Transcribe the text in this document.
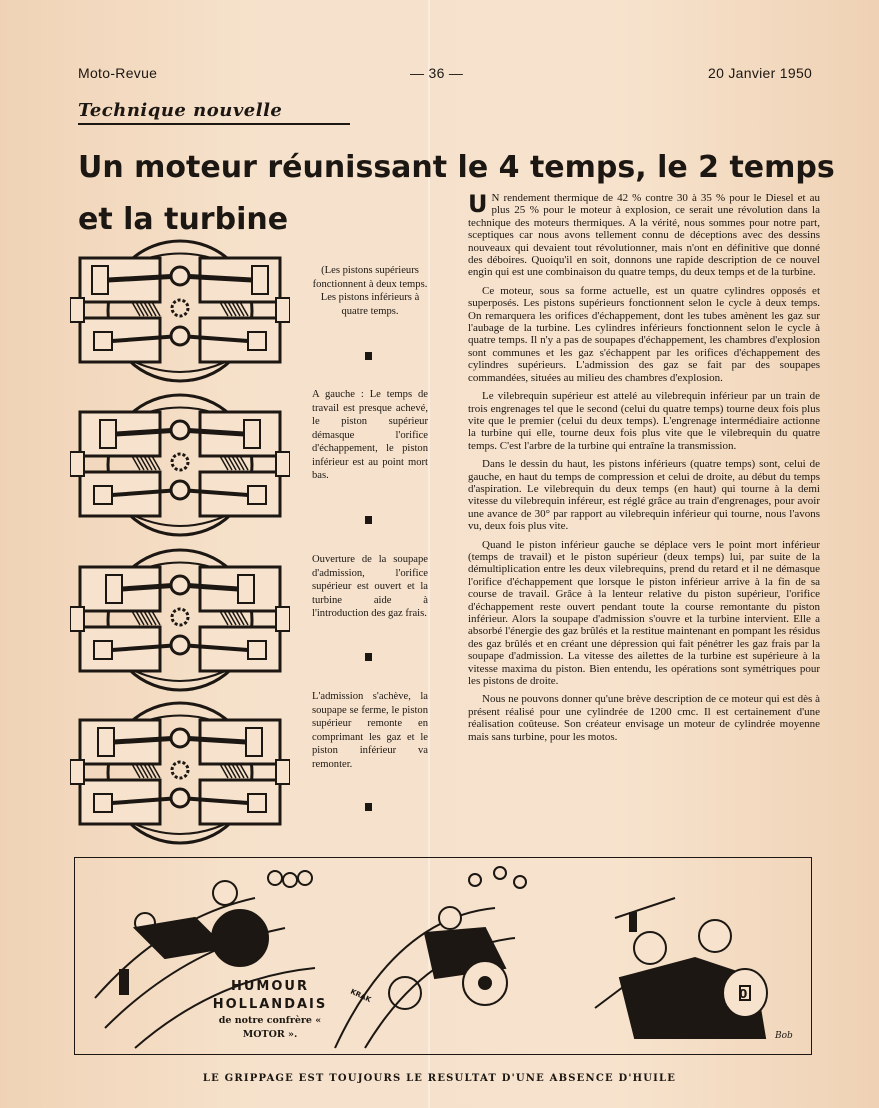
Moto-Revue	— 36 —	20 Janvier 1950
Technique nouvelle
Un moteur réunissant le 4 temps, le 2 temps et la turbine
(Les pistons supérieurs fonctionnent à deux temps. Les pistons inférieurs à quatre temps.
A gauche : Le temps de travail est presque achevé, le piston supérieur démasque l'orifice d'échappement, le piston inférieur est au point mort bas.
Ouverture de la soupape d'admission, l'orifice supérieur est ouvert et la turbine aide à l'introduction des gaz frais.
L'admission s'achève, la soupape se ferme, le piston supérieur remonte en comprimant les gaz et le piston inférieur va remonter.

U N rendement thermique de 42 % contre 30 à 35 % pour le Diesel et au plus 25 % pour le moteur à explosion, ce serait une révolution dans la technique des moteurs thermiques. A la vérité, nous sommes pour notre part, sceptiques car nous avons tellement connu de déceptions avec des dessins nouveaux qui devaient tout révolutionner, mais n'ont en définitive que donné des déboires. Quoiqu'il en soit, donnons une rapide description de ce nouvel engin qui est une combinaison du quatre temps, du deux temps et de la turbine.

Ce moteur, sous sa forme actuelle, est un quatre cylindres opposés et superposés. Les pistons supérieurs fonctionnent selon le cycle à deux temps. On remarquera les orifices d'échappement, dont les tubes amènent les gaz sur l'aubage de la turbine. Les cylindres inférieurs fonctionnent selon le cycle à quatre temps. Il n'y a pas de soupapes d'échappement, les chambres d'explosion sont communes et les gaz s'échappent par les orifices d'échappement des cylindres supérieurs. L'admission des gaz se fait par des soupapes commandées, situées au milieu des chambres d'explosion.

Le vilebrequin supérieur est attelé au vilebrequin inférieur par un train de trois engrenages tel que le second (celui du quatre temps) tourne deux fois plus vite que le premier (celui du deux temps). L'engrenage intermédiaire actionne la turbine qui elle, tourne deux fois plus vite que le vilebrequin du quatre temps. C'est l'arbre de la turbine qui entraîne la transmission.

Dans le dessin du haut, les pistons inférieurs (quatre temps) sont, celui de gauche, en haut du temps de compression et celui de droite, au début du temps d'aspiration. Le vilebrequin du deux temps (en haut) qui tourne à la demi vitesse du vilebrequin inféreur, est réglé grâce au train d'engrenages, pour avoir une avance de 30° par rapport au vilebrequin inférieur qui tourne, nous l'avons vu, deux fois plus vite.

Quand le piston inférieur gauche se déplace vers le point mort inférieur (temps de travail) et le piston supérieur (deux temps) lui, par suite de la démultiplication entre les deux vilebrequins, prend du retard et il ne démasque l'orifice d'échappement que lorsque le piston inférieur arrive à la fin de sa course de travail. Grâce à la lenteur relative du piston supérieur, l'orifice d'échappement reste ouvert pendant toute la course remontante du piston inférieur. Alors la soupape d'admission s'ouvre et la turbine intervient. Elle a absorbé l'énergie des gaz brûlés et la restitue maintenant en pompant les résidus des gaz brûlés et en créant une dépression qui fait pénétrer les gaz frais par la soupape d'admission. La vitesse des ailettes de la turbine est supérieure à la vitesse maxima du piston. Bien entendu, les opérations sont symétriques pour les pistons de droite.

Nous ne pouvons donner qu'une brève description de ce moteur qui est dès à présent réalisé pour une cylindrée de 1200 cmc. Il est certainement d'une réalisation coûteuse. Son créateur envisage un moteur de cylindrée moyenne mais sans turbine, pour les motos.

KRAK	0
Bob
HUMOUR
HOLLANDAIS
de notre confrère « MOTOR ».
LE GRIPPAGE EST TOUJOURS LE RESULTAT D'UNE ABSENCE D'HUILE
